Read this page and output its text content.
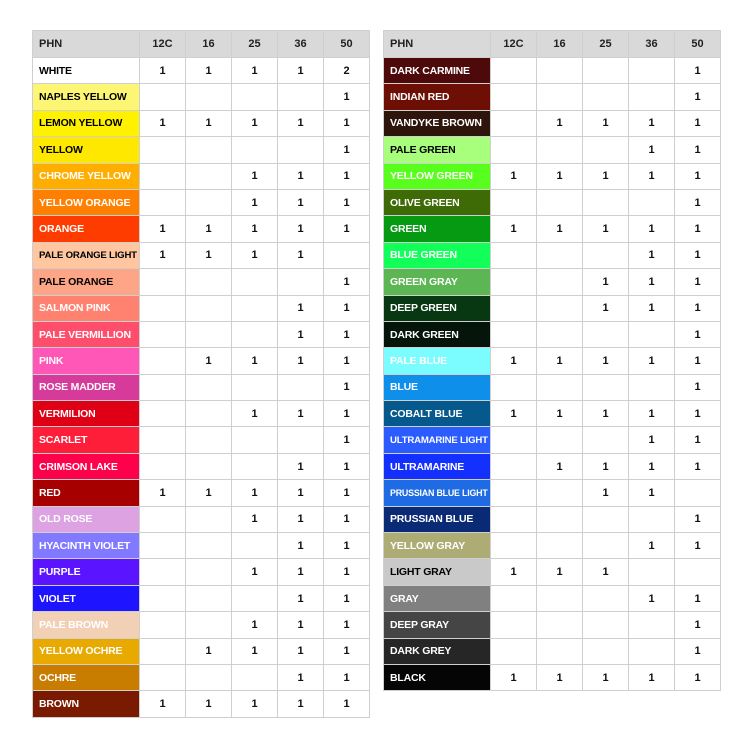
PHN	12C	16	25	36	50
WHITE	1	1	1	1	2
NAPLES YELLOW					1
LEMON YELLOW	1	1	1	1	1
YELLOW					1
CHROME YELLOW			1	1	1
YELLOW ORANGE			1	1	1
ORANGE	1	1	1	1	1
PALE ORANGE LIGHT	1	1	1	1	
PALE ORANGE					1
SALMON PINK				1	1
PALE VERMILLION				1	1
PINK		1	1	1	1
ROSE MADDER					1
VERMILION			1	1	1
SCARLET					1
CRIMSON LAKE				1	1
RED	1	1	1	1	1
OLD ROSE			1	1	1
HYACINTH VIOLET				1	1
PURPLE			1	1	1
VIOLET				1	1
PALE BROWN			1	1	1
YELLOW OCHRE		1	1	1	1
OCHRE				1	1
BROWN	1	1	1	1	1
PHN	12C	16	25	36	50
DARK CARMINE					1
INDIAN RED					1
VANDYKE BROWN		1	1	1	1
PALE GREEN				1	1
YELLOW GREEN	1	1	1	1	1
OLIVE GREEN					1
GREEN	1	1	1	1	1
BLUE GREEN				1	1
GREEN GRAY			1	1	1
DEEP GREEN			1	1	1
DARK GREEN					1
PALE BLUE	1	1	1	1	1
BLUE					1
COBALT BLUE	1	1	1	1	1
ULTRAMARINE LIGHT				1	1
ULTRAMARINE		1	1	1	1
PRUSSIAN BLUE LIGHT			1	1	
PRUSSIAN BLUE					1
YELLOW GRAY				1	1
LIGHT GRAY	1	1	1		
GRAY				1	1
DEEP GRAY					1
DARK GREY					1
BLACK	1	1	1	1	1
